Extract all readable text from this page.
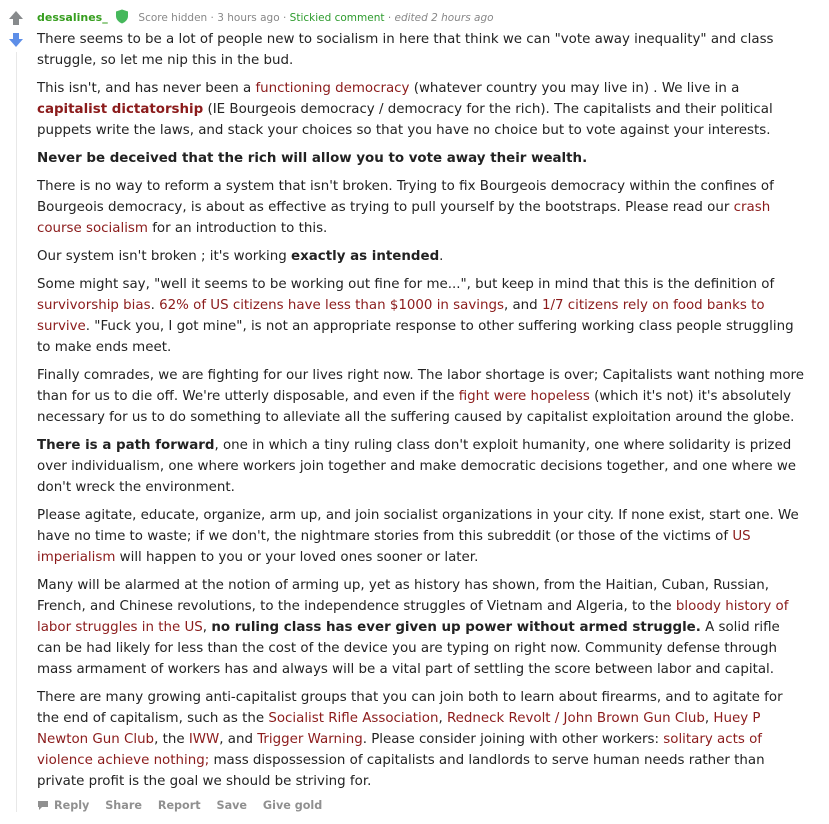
dessalines_	Score hidden · 3 hours ago · Stickied comment · edited 2 hours ago

There seems to be a lot of people new to socialism in here that think we can "vote away inequality" and class struggle, so let me nip this in the bud.

This isn't, and has never been a functioning democracy (whatever country you may live in) . We live in a capitalist dictatorship (IE Bourgeois democracy / democracy for the rich). The capitalists and their political puppets write the laws, and stack your choices so that you have no choice but to vote against your interests.

Never be deceived that the rich will allow you to vote away their wealth.

There is no way to reform a system that isn't broken. Trying to fix Bourgeois democracy within the confines of Bourgeois democracy, is about as effective as trying to pull yourself by the bootstraps. Please read our crash course socialism for an introduction to this.

Our system isn't broken ; it's working exactly as intended.

Some might say, "well it seems to be working out fine for me...", but keep in mind that this is the definition of survivorship bias. 62% of US citizens have less than $1000 in savings, and 1/7 citizens rely on food banks to survive. "Fuck you, I got mine", is not an appropriate response to other suffering working class people struggling to make ends meet.

Finally comrades, we are fighting for our lives right now. The labor shortage is over; Capitalists want nothing more than for us to die off. We're utterly disposable, and even if the fight were hopeless (which it's not) it's absolutely necessary for us to do something to alleviate all the suffering caused by capitalist exploitation around the globe.

There is a path forward, one in which a tiny ruling class don't exploit humanity, one where solidarity is prized over individualism, one where workers join together and make democratic decisions together, and one where we don't wreck the environment.

Please agitate, educate, organize, arm up, and join socialist organizations in your city. If none exist, start one. We have no time to waste; if we don't, the nightmare stories from this subreddit (or those of the victims of US imperialism will happen to you or your loved ones sooner or later.

Many will be alarmed at the notion of arming up, yet as history has shown, from the Haitian, Cuban, Russian, French, and Chinese revolutions, to the independence struggles of Vietnam and Algeria, to the bloody history of labor struggles in the US, no ruling class has ever given up power without armed struggle. A solid rifle can be had likely for less than the cost of the device you are typing on right now. Community defense through mass armament of workers has and always will be a vital part of settling the score between labor and capital.

There are many growing anti-capitalist groups that you can join both to learn about firearms, and to agitate for the end of capitalism, such as the Socialist Rifle Association, Redneck Revolt / John Brown Gun Club, Huey P Newton Gun Club, the IWW, and Trigger Warning. Please consider joining with other workers: solitary acts of violence achieve nothing; mass dispossession of capitalists and landlords to serve human needs rather than private profit is the goal we should be striving for.

Reply Share Report Save Give gold
